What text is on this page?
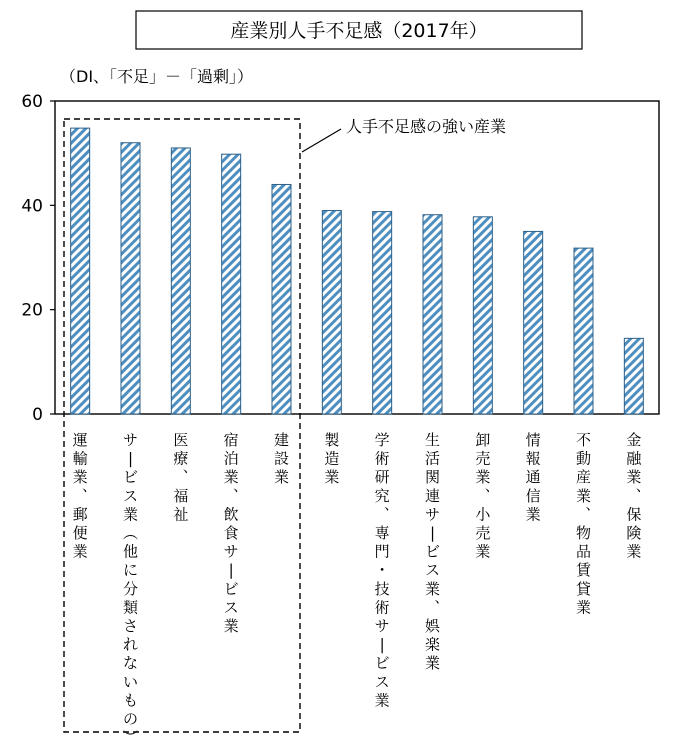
産業別人手不足感（2017年）
（DI、「不足」－「過剰」）
0
20
40
60
運輸業︑郵便業
サ|ビス業︵他に分類されないもの︶
医療︑福祉
宿泊業︑飲食サ|ビス業
建設業
製造業
学術研究︑専門･技術サ|ビス業
生活関連サ|ビス業︑娯楽業
卸売業︑小売業
情報通信業
不動産業︑物品賃貸業
金融業︑保険業
人手不足感の強い産業
